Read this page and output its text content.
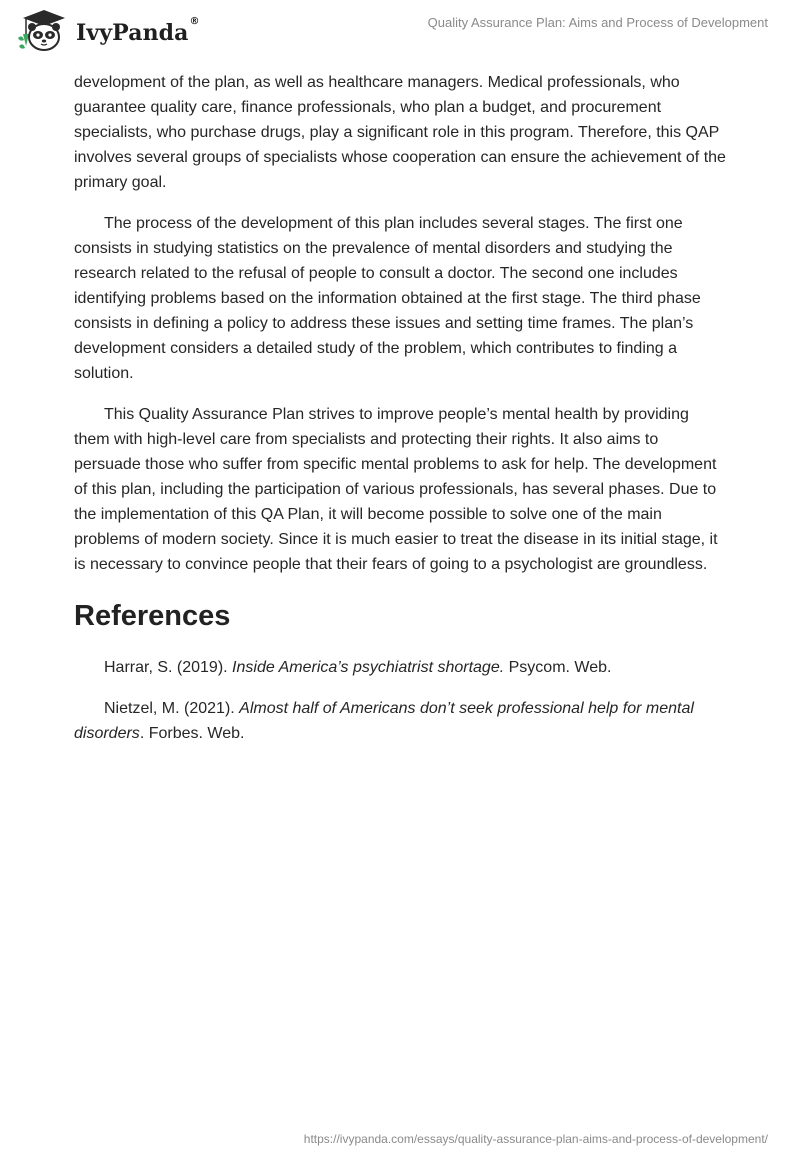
IvyPanda ®	Quality Assurance Plan: Aims and Process of Development

development of the plan, as well as healthcare managers. Medical professionals, who guarantee quality care, finance professionals, who plan a budget, and procurement specialists, who purchase drugs, play a significant role in this program. Therefore, this QAP involves several groups of specialists whose cooperation can ensure the achievement of the primary goal.

The process of the development of this plan includes several stages. The first one consists in studying statistics on the prevalence of mental disorders and studying the research related to the refusal of people to consult a doctor. The second one includes identifying problems based on the information obtained at the first stage. The third phase consists in defining a policy to address these issues and setting time frames. The plan’s development considers a detailed study of the problem, which contributes to finding a solution.

This Quality Assurance Plan strives to improve people’s mental health by providing them with high-level care from specialists and protecting their rights. It also aims to persuade those who suffer from specific mental problems to ask for help. The development of this plan, including the participation of various professionals, has several phases. Due to the implementation of this QA Plan, it will become possible to solve one of the main problems of modern society. Since it is much easier to treat the disease in its initial stage, it is necessary to convince people that their fears of going to a psychologist are groundless.

References

Harrar, S. (2019). Inside America’s psychiatrist shortage. Psycom. Web.

Nietzel, M. (2021). Almost half of Americans don’t seek professional help for mental disorders. Forbes. Web.

https://ivypanda.com/essays/quality-assurance-plan-aims-and-process-of-development/
